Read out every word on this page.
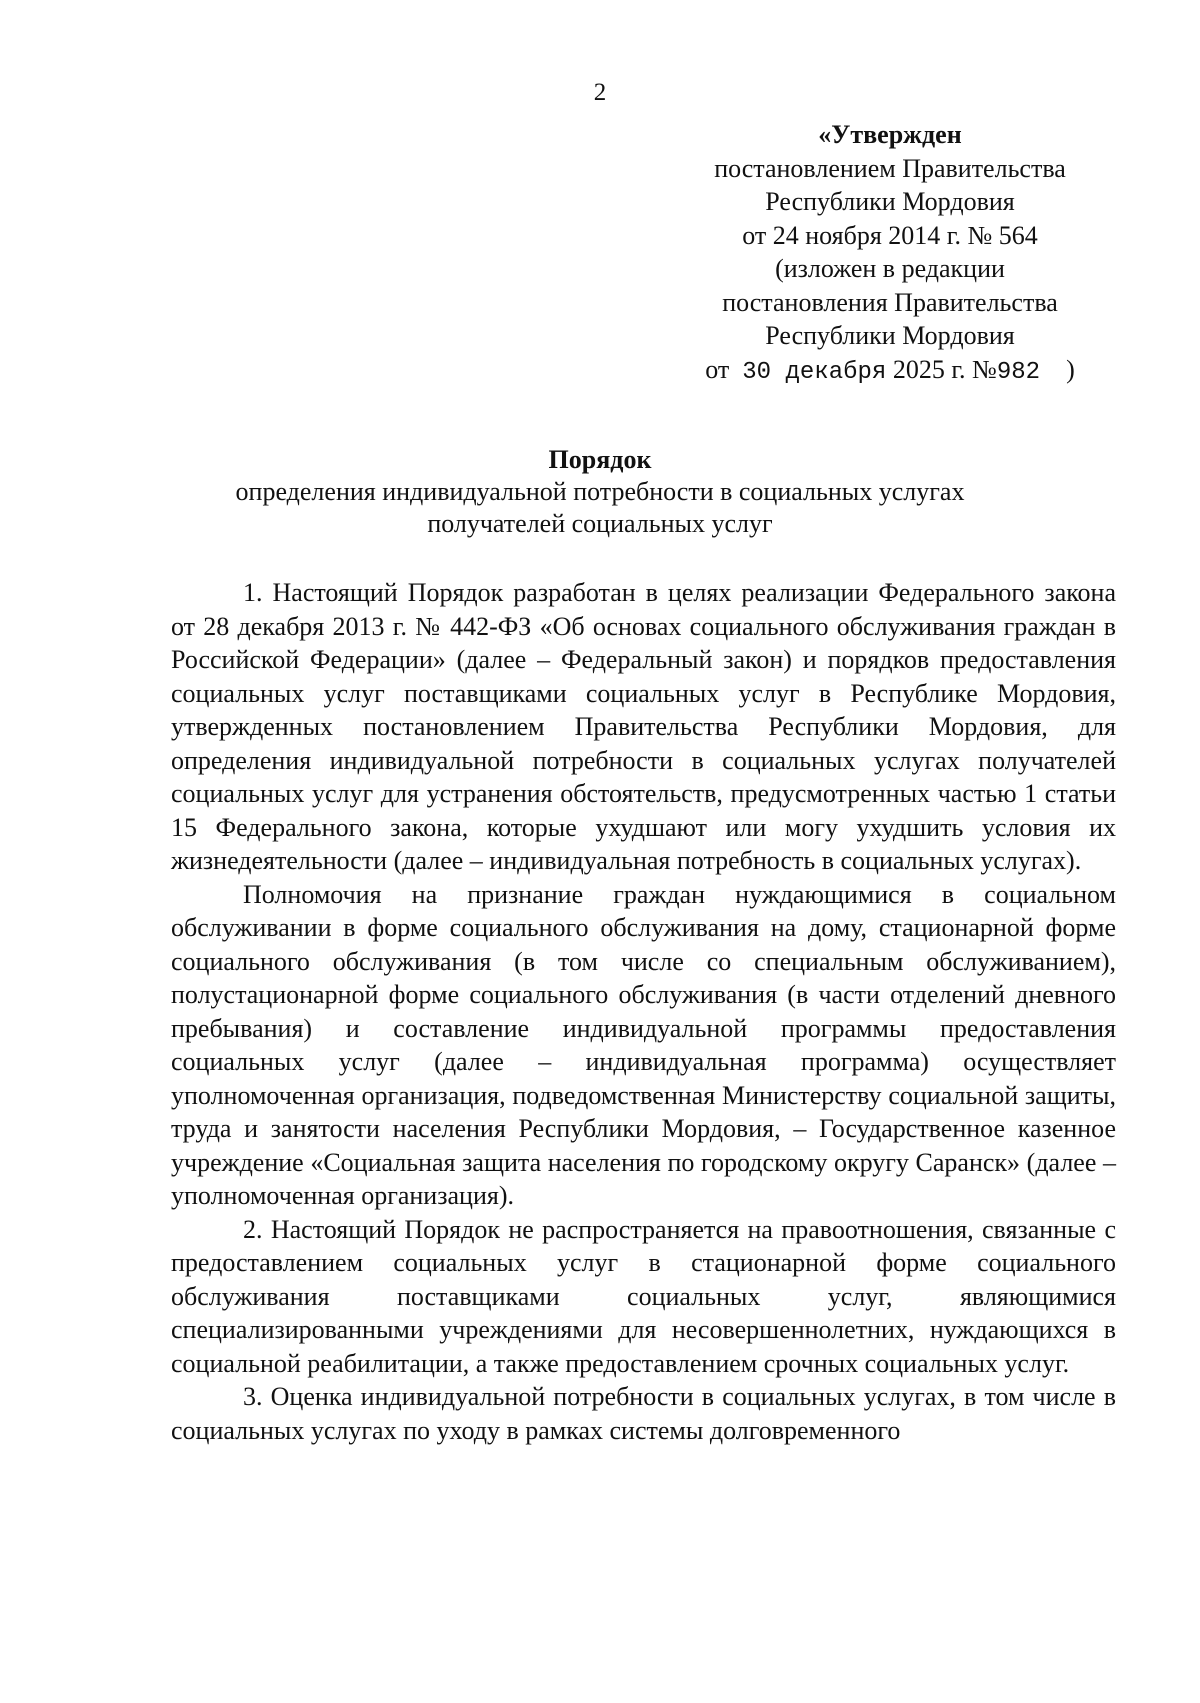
2
«Утвержден
постановлением Правительства
Республики Мордовия
от 24 ноября 2014 г. № 564
(изложен в редакции
постановления Правительства
Республики Мордовия
от 30 декабря 2025 г. №982 )
Порядок
определения индивидуальной потребности в социальных услугах
получателей социальных услуг

1. Настоящий Порядок разработан в целях реализации Федерального закона от 28 декабря 2013 г. № 442-ФЗ «Об основах социального обслуживания граждан в Российской Федерации» (далее – Федеральный закон) и порядков предоставления социальных услуг поставщиками социальных услуг в Республике Мордовия, утвержденных постановлением Правительства Республики Мордовия, для определения индивидуальной потребности в социальных услугах получателей социальных услуг для устранения обстоятельств, предусмотренных частью 1 статьи 15 Федерального закона, которые ухудшают или могу ухудшить условия их жизнедеятельности (далее – индивидуальная потребность в социальных услугах).

Полномочия на признание граждан нуждающимися в социальном обслуживании в форме социального обслуживания на дому, стационарной форме социального обслуживания (в том числе со специальным обслуживанием), полустационарной форме социального обслуживания (в части отделений дневного пребывания) и составление индивидуальной программы предоставления социальных услуг (далее – индивидуальная программа) осуществляет уполномоченная организация, подведомственная Министерству социальной защиты, труда и занятости населения Республики Мордовия, – Государственное казенное учреждение «Социальная защита населения по городскому округу Саранск» (далее – уполномоченная организация).

2. Настоящий Порядок не распространяется на правоотношения, связанные с предоставлением социальных услуг в стационарной форме социального обслуживания поставщиками социальных услуг, являющимися специализированными учреждениями для несовершеннолетних, нуждающихся в социальной реабилитации, а также предоставлением срочных социальных услуг.

3. Оценка индивидуальной потребности в социальных услугах, в том числе в социальных услугах по уходу в рамках системы долговременного
